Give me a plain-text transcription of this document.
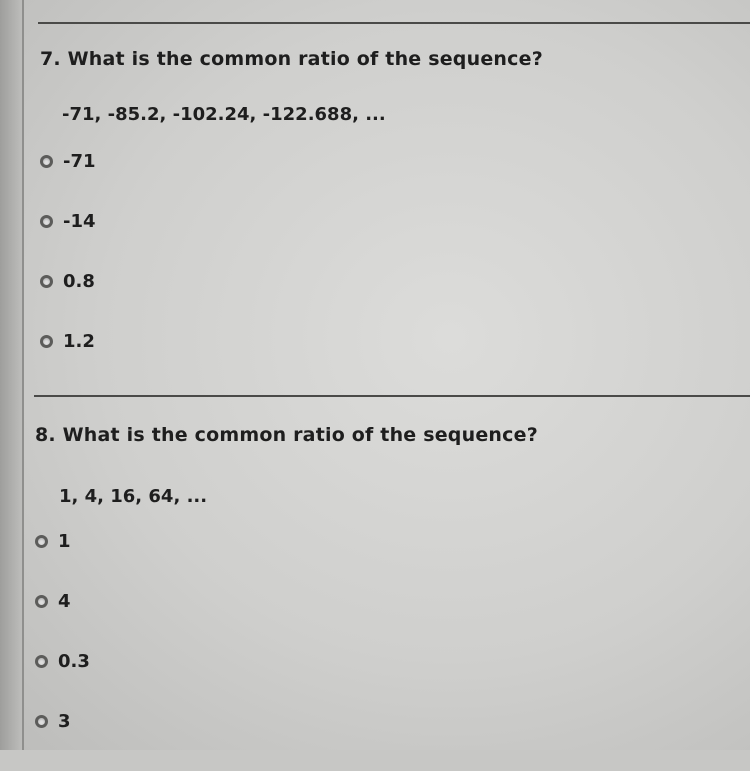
7. What is the common ratio of the sequence?
-71, -85.2, -102.24, -122.688, ...
-71
-14
0.8
1.2
8. What is the common ratio of the sequence?
1, 4, 16, 64, ...
1
4
0.3
3
